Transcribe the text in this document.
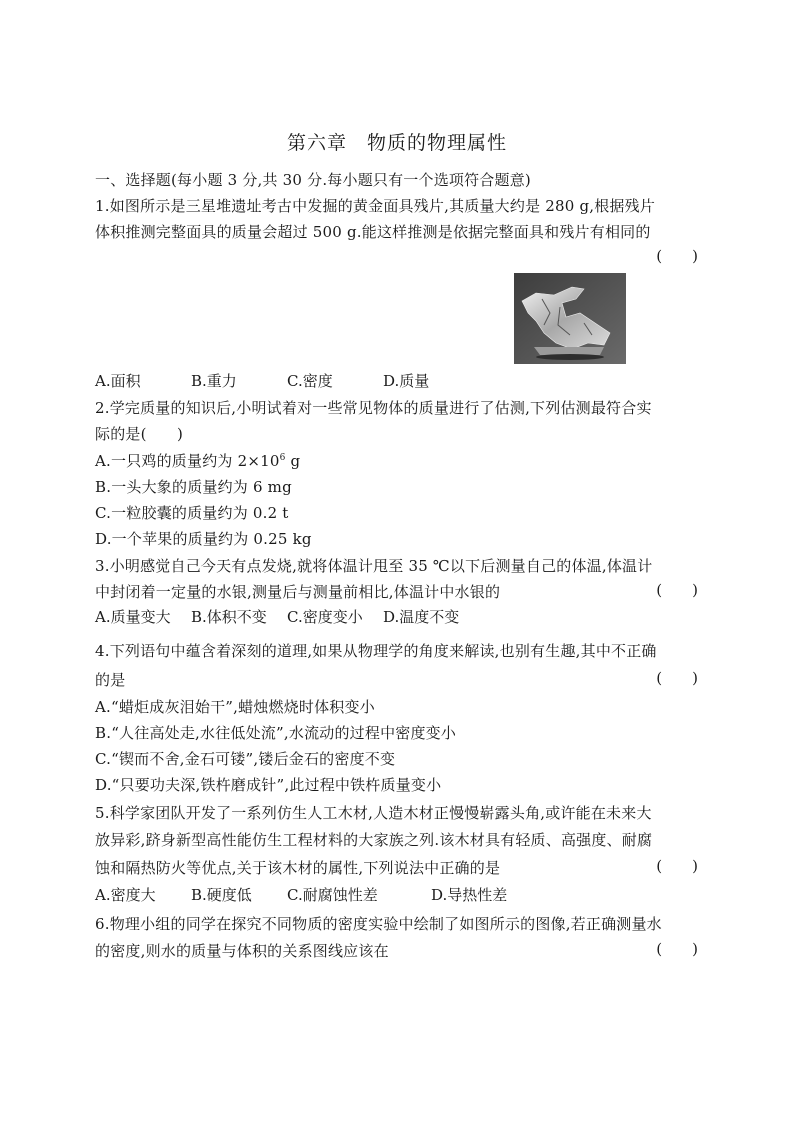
第六章　物质的物理属性
一、选择题(每小题 3 分,共 30 分.每小题只有一个选项符合题意)
1.如图所示是三星堆遗址考古中发掘的黄金面具残片,其质量大约是 280 g,根据残片
体积推测完整面具的质量会超过 500 g.能这样推测是依据完整面具和残片有相同的
(　　)
A.面积	B.重力	C.密度	D.质量
2.学完质量的知识后,小明试着对一些常见物体的质量进行了估测,下列估测最符合实
际的是(　　)
A.一只鸡的质量约为 $2\times 10^6$ g
B.一头大象的质量约为 6 mg
C.一粒胶囊的质量约为 0.2 t
D.一个苹果的质量约为 0.25 kg
3.小明感觉自己今天有点发烧,就将体温计甩至 35 ℃以下后测量自己的体温,体温计
中封闭着一定量的水银,测量后与测量前相比,体温计中水银的	(　　)
A.质量变大 B.体积不变 C.密度变小 D.温度不变
4.下列语句中蕴含着深刻的道理,如果从物理学的角度来解读,也别有生趣,其中不正确
的是	(　　)
A.“蜡炬成灰泪始干”,蜡烛燃烧时体积变小
B.“人往高处走,水往低处流”,水流动的过程中密度变小
C.“锲而不舍,金石可镂”,镂后金石的密度不变
D.“只要功夫深,铁杵磨成针”,此过程中铁杵质量变小
5.科学家团队开发了一系列仿生人工木材,人造木材正慢慢崭露头角,或许能在未来大
放异彩,跻身新型高性能仿生工程材料的大家族之列.该木材具有轻质、高强度、耐腐
蚀和隔热防火等优点,关于该木材的属性,下列说法中正确的是	(　　)
A.密度大 B.硬度低 C.耐腐蚀性差	D.导热性差
6.物理小组的同学在探究不同物质的密度实验中绘制了如图所示的图像,若正确测量水
的密度,则水的质量与体积的关系图线应该在	(　　)
